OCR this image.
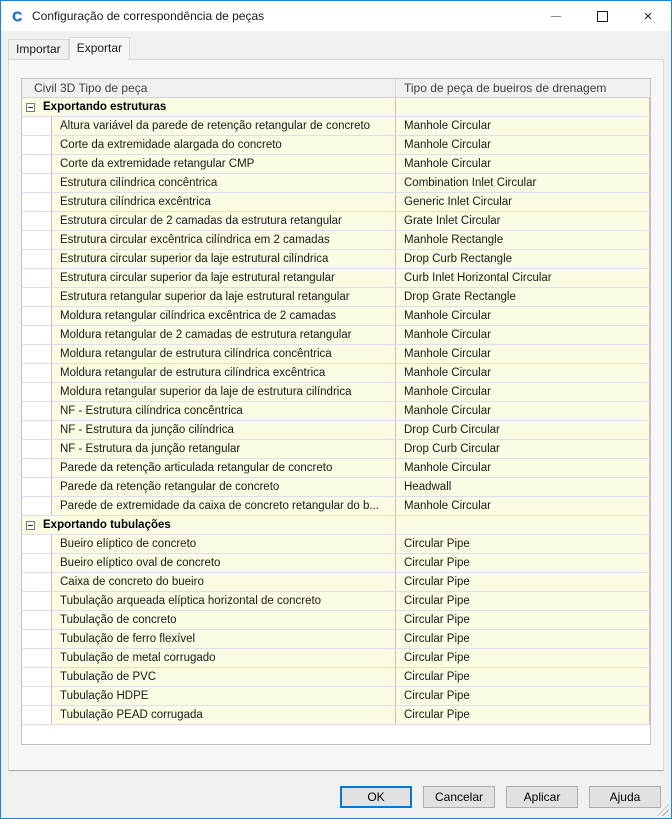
C Configuração de correspondência de peças	×
Importar	Exportar
Civil 3D Tipo de peça	Tipo de peça de bueiros de drenagem
Exportando estruturas
Altura variável da parede de retenção retangular de concreto	Manhole Circular
Corte da extremidade alargada do concreto	Manhole Circular
Corte da extremidade retangular CMP	Manhole Circular
Estrutura cilíndrica concêntrica	Combination Inlet Circular
Estrutura cilíndrica excêntrica	Generic Inlet Circular
Estrutura circular de 2 camadas da estrutura retangular	Grate Inlet Circular
Estrutura circular excêntrica cilíndrica em 2 camadas	Manhole Rectangle
Estrutura circular superior da laje estrutural cilíndrica	Drop Curb Rectangle
Estrutura circular superior da laje estrutural retangular	Curb Inlet Horizontal Circular
Estrutura retangular superior da laje estrutural retangular	Drop Grate Rectangle
Moldura retangular cilíndrica excêntrica de 2 camadas	Manhole Circular
Moldura retangular de 2 camadas de estrutura retangular	Manhole Circular
Moldura retangular de estrutura cilíndrica concêntrica	Manhole Circular
Moldura retangular de estrutura cilíndrica excêntrica	Manhole Circular
Moldura retangular superior da laje de estrutura cilíndrica	Manhole Circular
NF - Estrutura cilíndrica concêntrica	Manhole Circular
NF - Estrutura da junção cilíndrica	Drop Curb Circular
NF - Estrutura da junção retangular	Drop Curb Circular
Parede da retenção articulada retangular de concreto	Manhole Circular
Parede da retenção retangular de concreto	Headwall
Parede de extremidade da caixa de concreto retangular do b...	Manhole Circular
Exportando tubulações
Bueiro elíptico de concreto	Circular Pipe
Bueiro elíptico oval de concreto	Circular Pipe
Caixa de concreto do bueiro	Circular Pipe
Tubulação arqueada elíptica horizontal de concreto	Circular Pipe
Tubulação de concreto	Circular Pipe
Tubulação de ferro flexível	Circular Pipe
Tubulação de metal corrugado	Circular Pipe
Tubulação de PVC	Circular Pipe
Tubulação HDPE	Circular Pipe
Tubulação PEAD corrugada	Circular Pipe
OK	Cancelar	Aplicar	Ajuda
